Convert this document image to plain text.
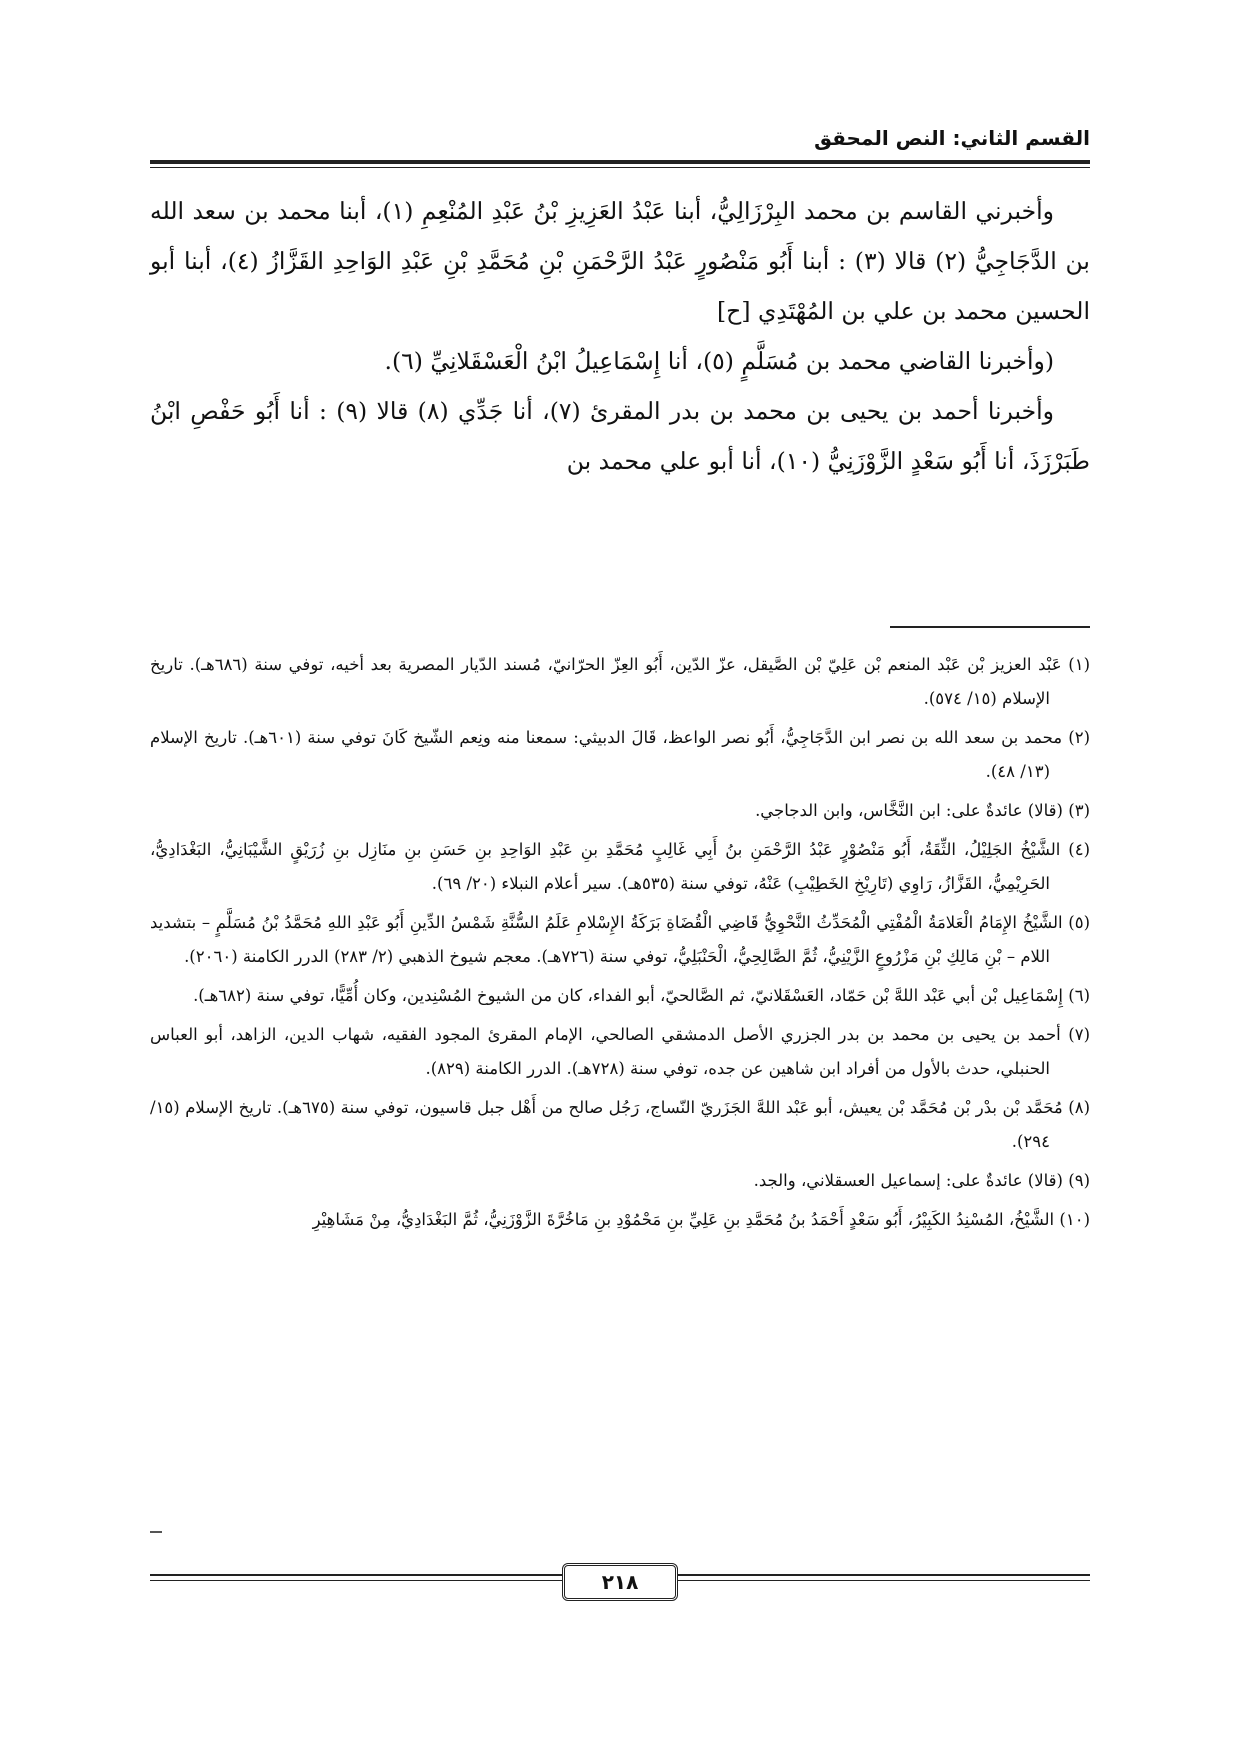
القسم الثاني: النص المحقق

وأخبرني القاسم بن محمد البِرْزَالِيُّ، أبنا عَبْدُ العَزِيزِ بْنُ عَبْدِ المُنْعِمِ (١)، أبنا محمد بن سعد الله بن الدَّجَاجِيُّ (٢) قالا (٣) : أبنا أَبُو مَنْصُورٍ عَبْدُ الرَّحْمَنِ بْنِ مُحَمَّدِ بْنِ عَبْدِ الوَاحِدِ القَزَّازُ (٤)، أبنا أبو الحسين محمد بن علي بن المُهْتَدِي [ح]

(وأخبرنا القاضي محمد بن مُسَلَّمٍ (٥)، أنا إِسْمَاعِيلُ ابْنُ الْعَسْقَلانِيِّ (٦).

وأخبرنا أحمد بن يحيى بن محمد بن بدر المقرئ (٧)، أنا جَدِّي (٨) قالا (٩) : أنا أَبُو حَفْصِ ابْنُ طَبَرْزَذَ، أنا أَبُو سَعْدٍ الزَّوْزَنِيُّ (١٠)، أنا أبو علي محمد بن

(١) عَبْد العزيز بْن عَبْد المنعم بْن عَلِيّ بْن الصَّيقل، عزّ الدّين، أَبُو العِزّ الحرّانيّ، مُسند الدّيار المصرية بعد أخيه، توفي سنة (٦٨٦هـ). تاريخ الإسلام (١٥/ ٥٧٤).

(٢) محمد بن سعد الله بن نصر ابن الدَّجَاجِيُّ، أَبُو نصر الواعظ، قَالَ الدبيثي: سمعنا منه ونِعم الشّيخ كَانَ توفي سنة (٦٠١هـ). تاريخ الإسلام (١٣/ ٤٨).

(٣) (قالا) عائدةٌ على: ابن النَّخَّاس، وابن الدجاجي.

(٤) الشَّيْخُ الجَلِيْلُ، الثِّقَةُ، أَبُو مَنْصُوْرٍ عَبْدُ الرَّحْمَنِ بنُ أَبِي غَالِبٍ مُحَمَّدِ بنِ عَبْدِ الوَاحِدِ بنِ حَسَنِ بنِ منَازِل بنِ زُرَيْقٍ الشَّيْبَانِيُّ، البَغْدَادِيُّ، الحَرِيْمِيُّ، القَزَّازُ، رَاوِي (تَارِيْخِ الخَطِيْبِ) عَنْهُ، توفي سنة (٥٣٥هـ). سير أعلام النبلاء (٢٠/ ٦٩).

(٥) الشَّيْخُ الإِمَامُ الْعَلامَةُ الْمُفْتِي الْمُحَدِّثُ النَّحْوِيُّ قَاضِي الْقُضَاةِ بَرَكَةُ الإِسْلامِ عَلَمُ السُّنَّةِ شَمْسُ الدِّينِ أَبُو عَبْدِ اللهِ مُحَمَّدُ بْنُ مُسَلَّمٍ – بتشديد اللام – بْنِ مَالِكِ بْنِ مَزْرُوعٍ الزَّيْنِيُّ، ثُمَّ الصَّالِحِيُّ، الْحَنْبَلِيُّ، توفي سنة (٧٢٦هـ). معجم شيوخ الذهبي (٢/ ٢٨٣) الدرر الكامنة (٢٠٦٠).

(٦) إِسْمَاعِيل بْن أبي عَبْد اللهَّ بْن حَمّاد، العَسْقَلانيّ، ثم الصَّالحيّ، أبو الفداء، كان من الشيوخ المُسْنِدين، وكان أُمِّيًّا، توفي سنة (٦٨٢هـ).

(٧) أحمد بن يحيى بن محمد بن بدر الجزري الأصل الدمشقي الصالحي، الإمام المقرئ المجود الفقيه، شهاب الدين، الزاهد، أبو العباس الحنبلي، حدث بالأول من أفراد ابن شاهين عن جده، توفي سنة (٧٢٨هـ). الدرر الكامنة (٨٢٩).

(٨) مُحَمَّد بْن بدْر بْن مُحَمَّد بْن يعيش، أبو عَبْد اللهَّ الجَزَريّ النّساج، رَجُل صالح من أَهْل جبل قاسيون، توفي سنة (٦٧٥هـ). تاريخ الإسلام (١٥/ ٢٩٤).

(٩) (قالا) عائدةٌ على: إسماعيل العسقلاني، والجد.

(١٠) الشَّيْخُ، المُسْنِدُ الكَبِيْرُ، أَبُو سَعْدٍ أَحْمَدُ بنُ مُحَمَّدِ بنِ عَلِيِّ بنِ مَحْمُوْدِ بنِ مَاخُرَّةَ الزَّوْزَنِيُّ، ثُمَّ البَغْدَادِيُّ، مِنْ مَشَاهِيْرِ

٢١٨
